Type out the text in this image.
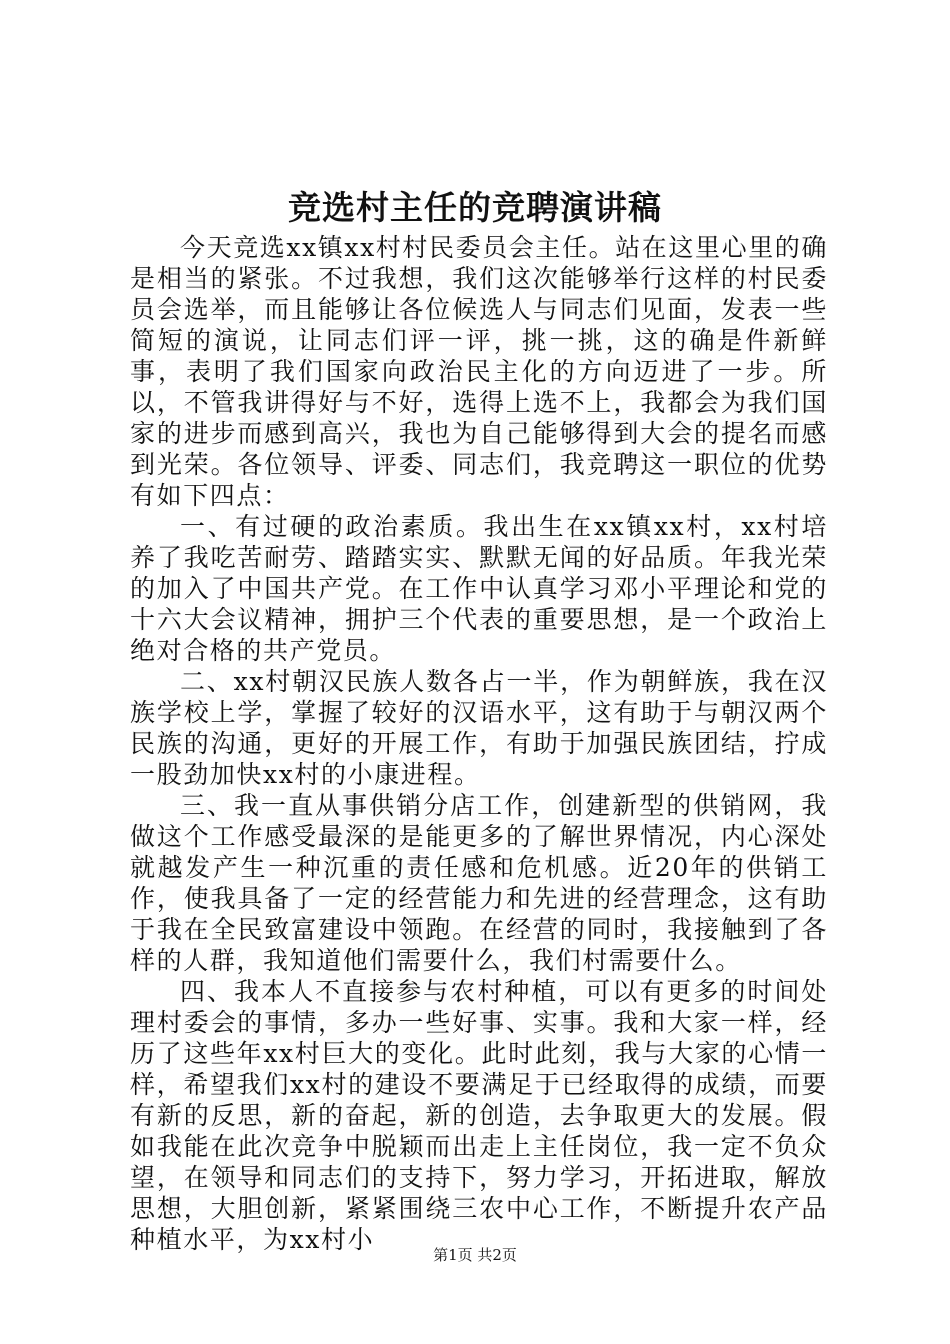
竞选村主任的竞聘演讲稿

今天竞选xx镇xx村村民委员会主任。站在这里心里的确是相当的紧张。不过我想，我们这次能够举行这样的村民委员会选举，而且能够让各位候选人与同志们见面，发表一些简短的演说，让同志们评一评，挑一挑，这的确是件新鲜事，表明了我们国家向政治民主化的方向迈进了一步。所以，不管我讲得好与不好，选得上选不上，我都会为我们国家的进步而感到高兴，我也为自己能够得到大会的提名而感到光荣。各位领导、评委、同志们，我竞聘这一职位的优势有如下四点：

一、有过硬的政治素质。我出生在xx镇xx村，xx村培养了我吃苦耐劳、踏踏实实、默默无闻的好品质。年我光荣的加入了中国共产党。在工作中认真学习邓小平理论和党的十六大会议精神，拥护三个代表的重要思想，是一个政治上绝对合格的共产党员。

二、xx村朝汉民族人数各占一半，作为朝鲜族，我在汉族学校上学，掌握了较好的汉语水平，这有助于与朝汉两个民族的沟通，更好的开展工作，有助于加强民族团结，拧成一股劲加快xx村的小康进程。

三、我一直从事供销分店工作，创建新型的供销网，我做这个工作感受最深的是能更多的了解世界情况，内心深处就越发产生一种沉重的责任感和危机感。近20年的供销工作，使我具备了一定的经营能力和先进的经营理念，这有助于我在全民致富建设中领跑。在经营的同时，我接触到了各样的人群，我知道他们需要什么，我们村需要什么。

四、我本人不直接参与农村种植，可以有更多的时间处理村委会的事情，多办一些好事、实事。我和大家一样，经历了这些年xx村巨大的变化。此时此刻，我与大家的心情一样，希望我们xx村的建设不要满足于已经取得的成绩，而要有新的反思，新的奋起，新的创造，去争取更大的发展。假如我能在此次竞争中脱颖而出走上主任岗位，我一定不负众望，在领导和同志们的支持下，努力学习，开拓进取，解放思想，大胆创新，紧紧围绕三农中心工作，不断提升农产品种植水平，为xx村小

第1页 共2页
